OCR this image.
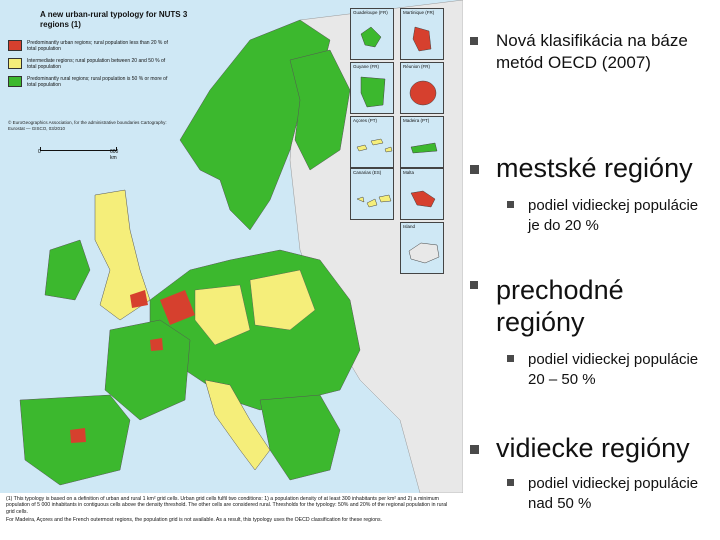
A new urban-rural typology for NUTS 3 regions (1)
Predominantly urban regions; rural population less than 20 % of total population
Intermediate regions; rural population between 20 and 50 % of total population
Predominantly rural regions; rural population is 50 % or more of total population
© EuroGeographics Association, for the administrative boundaries Cartography: Eurostat — GISCO, 03/2010
0	600 km
Guadeloupe (FR)	Martinique (FR)
Guyane (FR)	Réunion (FR)
Açores (PT)	Madeira (PT)
Canarias (ES)	Malta
Island

(1) This typology is based on a definition of urban and rural 1 km² grid cells. Urban grid cells fulfil two conditions: 1) a population density of at least 300 inhabitants per km² and 2) a minimum population of 5 000 inhabitants in contiguous cells above the density threshold. The other cells are considered rural. Thresholds for the typology: 50% and 20% of the regional population in rural grid cells.

For Madeira, Açores and the French outermost regions, the population grid is not available. As a result, this typology uses the OECD classification for these regions.

Nová klasifikácia na báze metód OECD (2007)
mestské regióny
podiel vidieckej populácie je do 20 %
prechodné regióny
podiel vidieckej populácie 20 – 50 %
vidiecke regióny
podiel vidieckej populácie nad 50 %
